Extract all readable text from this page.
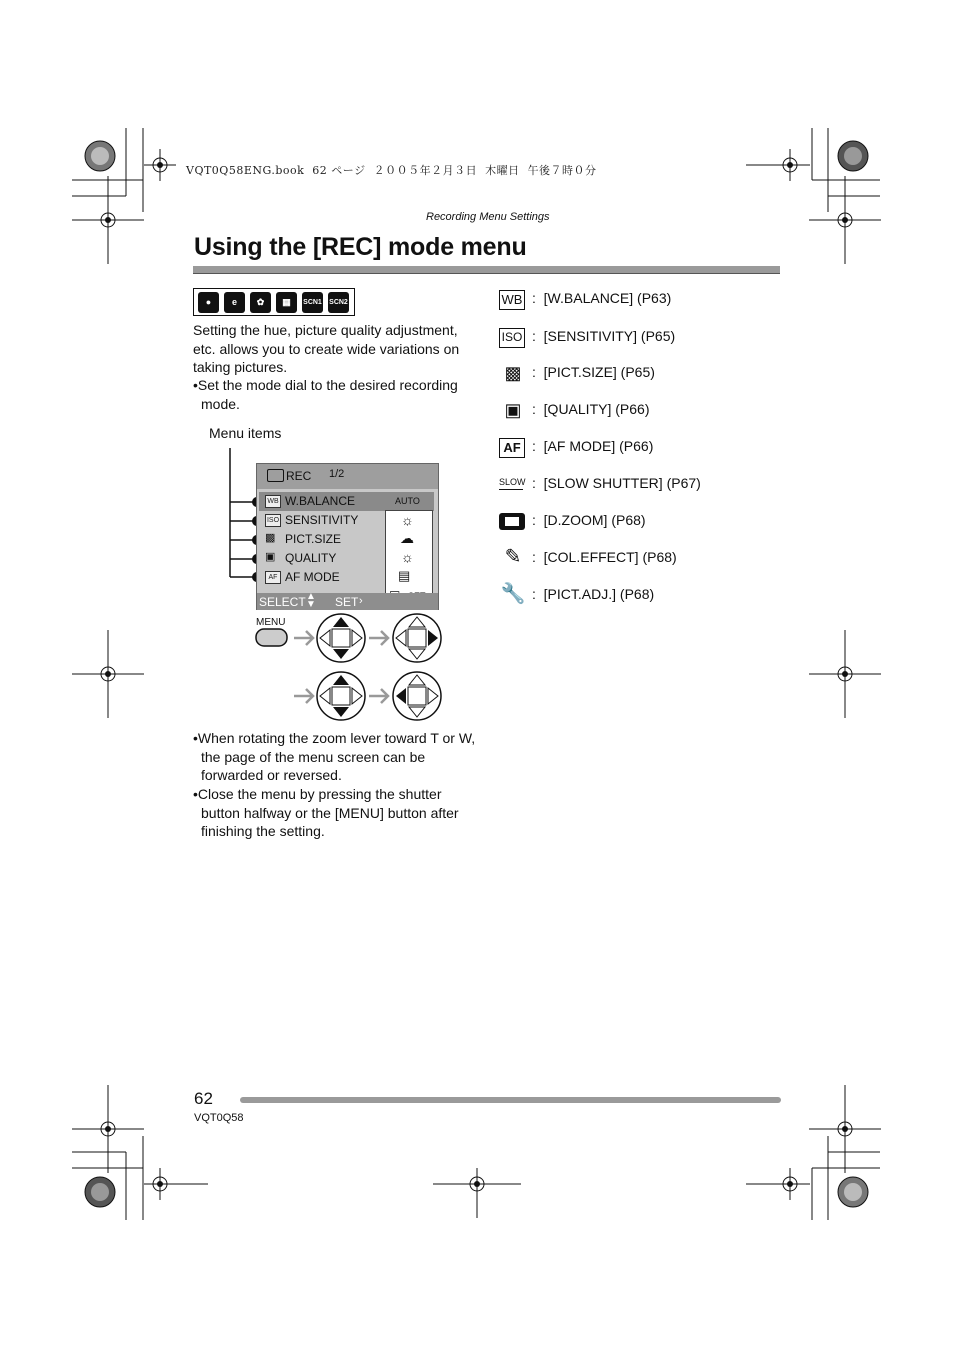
VQT0Q58ENG.book  62 ページ  ２００５年２月３日  木曜日  午後７時０分
Recording Menu Settings
Using the [REC] mode menu
●	e	✿	▦	SCN1 SCN2
Setting the hue, picture quality adjustment, etc. allows you to create wide variations on taking pictures.
•Set the mode dial to the desired recording mode.
Menu items
REC 1/2
WB W.BALANCE	AUTO
ISO SENSITIVITY
▩ PICT.SIZE
▣ QUALITY
AF AF MODE
☼
☁
☼
▤
SELECT ▲
▼ SET ›
MENU
•When rotating the zoom lever toward T or W, the page of the menu screen can be forwarded or reversed.
•Close the menu by pressing the shutter button halfway or the [MENU] button after finishing the setting.
WB :  [W.BALANCE] (P63)
ISO :  [SENSITIVITY] (P65)
▩ :  [PICT.SIZE] (P65)
▣ :  [QUALITY] (P66)
AF :  [AF MODE] (P66)
SLOW :  [SLOW SHUTTER] (P67)
:  [D.ZOOM] (P68)
✎ :  [COL.EFFECT] (P68)
🔧 :  [PICT.ADJ.] (P68)
62
VQT0Q58
